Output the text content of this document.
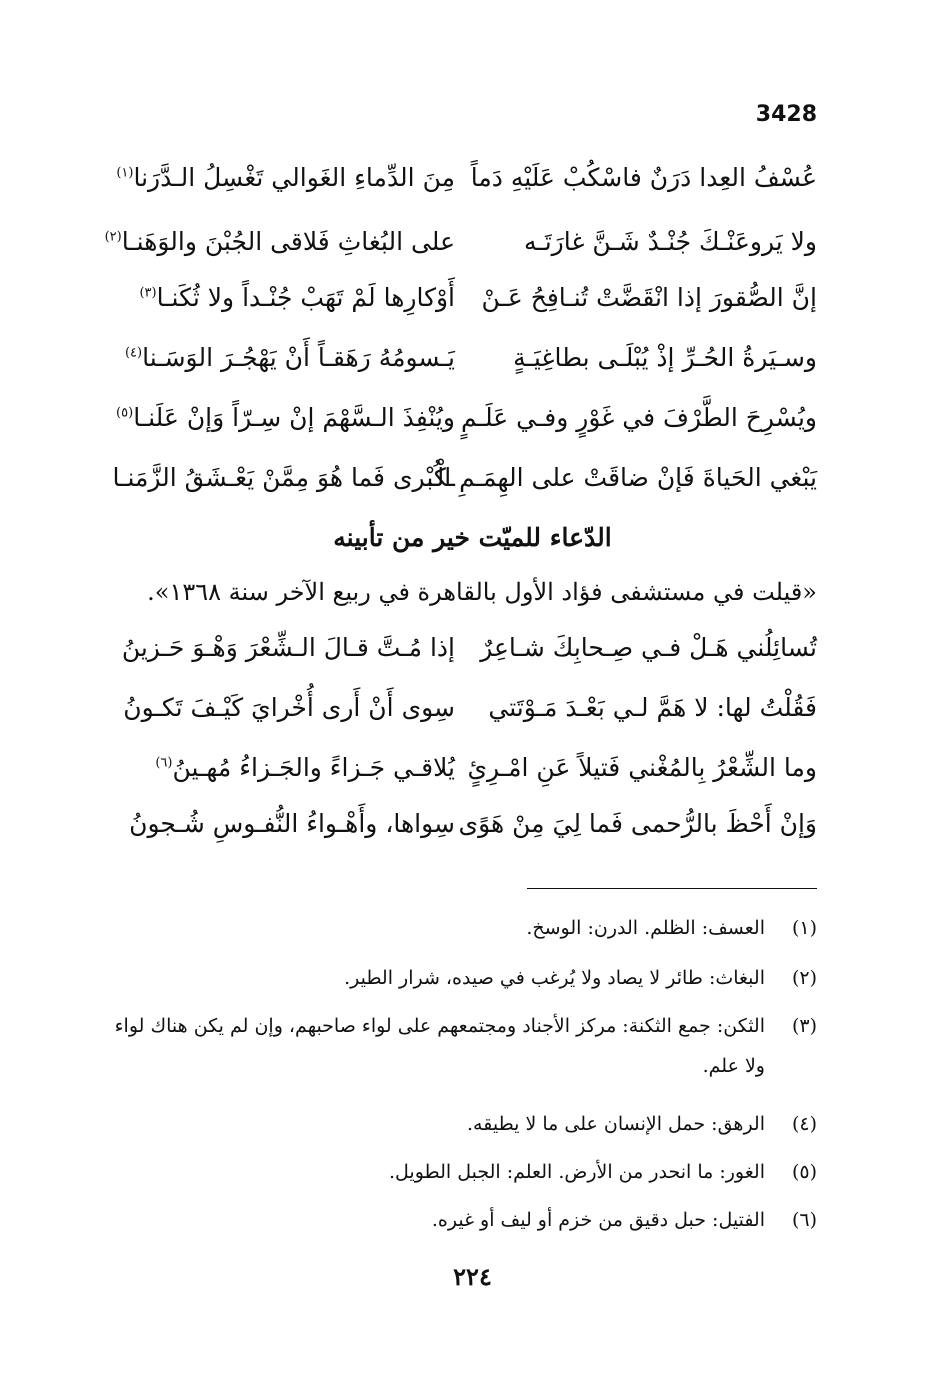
3428
عُسْفُ العِدا دَرَنٌ فاسْكُبْ عَلَيْهِ دَماً
مِنَ الدِّماءِ الغَوالي تَغْسِلُ الـدَّرَنا$^{(١)}$
ولا يَروعَنْـكَ جُنْـدٌ شَـنَّ غارَتَـه
على البُغاثِ فَلاقى الجُبْنَ والوَهَنـا$^{(٢)}$
إنَّ الصُّقورَ إذا انْقَضَّتْ تُنـافِحُ عَـنْ
أَوْكارِها لَمْ تَهَبْ جُنْـداً ولا ثُكَنـا$^{(٣)}$
وسـيَرةُ الحُـرِّ إذْ يُبْلَـى بطاغِيَـةٍ
يَـسومُهُ رَهَقـاً أَنْ يَهْجُـرَ الوَسَـنا$^{(٤)}$
ويُسْرِحَ الطَّرْفَ في غَوْرٍ وفـي عَلَـمٍ
ويُنْفِذَ الـسَّهْمَ إنْ سِـرّاً وَإنْ عَلَنـا$^{(٥)}$
يَبْغي الحَياةَ فَإنْ ضاقَتْ على الهِمَـمِ الْـ
ـكُبْرى فَما هُوَ مِمَّنْ يَعْـشَقُ الزَّمَنـا
الدّعاء للميّت خير من تأبينه
«قيلت في مستشفى فؤاد الأول بالقاهرة في ربيع الآخر سنة ١٣٦٨».
تُسائِلُني هَـلْ فـي صِـحابِكَ شـاعِرٌ
إذا مُـتَّ قـالَ الـشِّعْرَ وَهْـوَ حَـزينُ
فَقُلْتُ لها: لا هَمَّ لـي بَعْـدَ مَـوْتَتي
سِوى أَنْ أَرى أُخْرايَ كَيْـفَ تَكـونُ
وما الشِّعْرُ بِالمُغْني فَتيلاً عَنِ امْـرِئٍ
يُلاقـي جَـزاءً والجَـزاءُ مُهـينُ$^{(٦)}$
وَإنْ أَحْظَ بالرُّحمى فَما لِيَ مِنْ هَوًى
سِواها، وأَهْـواءُ النُّفـوسِ شُـجونُ
(١)
العسف: الظلم. الدرن: الوسخ.
(٢)
البغاث: طائر لا يصاد ولا يُرغب في صيده، شرار الطير.
(٣)
الثكن: جمع الثكنة: مركز الأجناد ومجتمعهم على لواء صاحبهم، وإن لم يكن هناك لواء ولا علم.
(٤)
الرهق: حمل الإنسان على ما لا يطيقه.
(٥)
الغور: ما انحدر من الأرض. العلم: الجبل الطويل.
(٦)
الفتيل: حبل دقيق من خزم أو ليف أو غيره.
٢٢٤
